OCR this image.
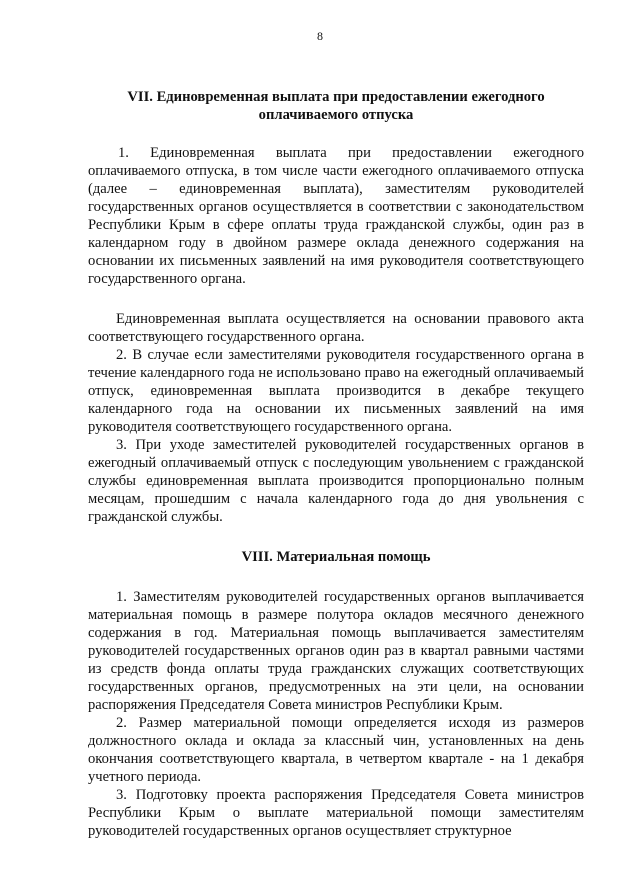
8
VII. Единовременная выплата при предоставлении ежегодного
оплачиваемого отпуска

1. Единовременная выплата при предоставлении ежегодного оплачиваемого отпуска, в том числе части ежегодного оплачиваемого отпуска (далее – единовременная выплата), заместителям руководителей государственных органов осуществляется в соответствии с законодательством Республики Крым в сфере оплаты труда гражданской службы, один раз в календарном году в двойном размере оклада денежного содержания на основании их письменных заявлений на имя руководителя соответствующего государственного органа.

Единовременная выплата осуществляется на основании правового акта соответствующего государственного органа.

2. В случае если заместителями руководителя государственного органа в течение календарного года не использовано право на ежегодный оплачиваемый отпуск, единовременная выплата производится в декабре текущего календарного года на основании их письменных заявлений на имя руководителя соответствующего государственного органа.

3. При уходе заместителей руководителей государственных органов в ежегодный оплачиваемый отпуск с последующим увольнением с гражданской службы единовременная выплата производится пропорционально полным месяцам, прошедшим с начала календарного года до дня увольнения с гражданской службы.

VIII. Материальная помощь

1. Заместителям руководителей государственных органов выплачивается материальная помощь в размере полутора окладов месячного денежного содержания в год. Материальная помощь выплачивается заместителям руководителей государственных органов один раз в квартал равными частями из средств фонда оплаты труда гражданских служащих соответствующих государственных органов, предусмотренных на эти цели, на основании распоряжения Председателя Совета министров Республики Крым.

2. Размер материальной помощи определяется исходя из размеров должностного оклада и оклада за классный чин, установленных на день окончания соответствующего квартала, в четвертом квартале - на 1 декабря учетного периода.

3. Подготовку проекта распоряжения Председателя Совета министров Республики Крым о выплате материальной помощи заместителям руководителей государственных органов осуществляет структурное
